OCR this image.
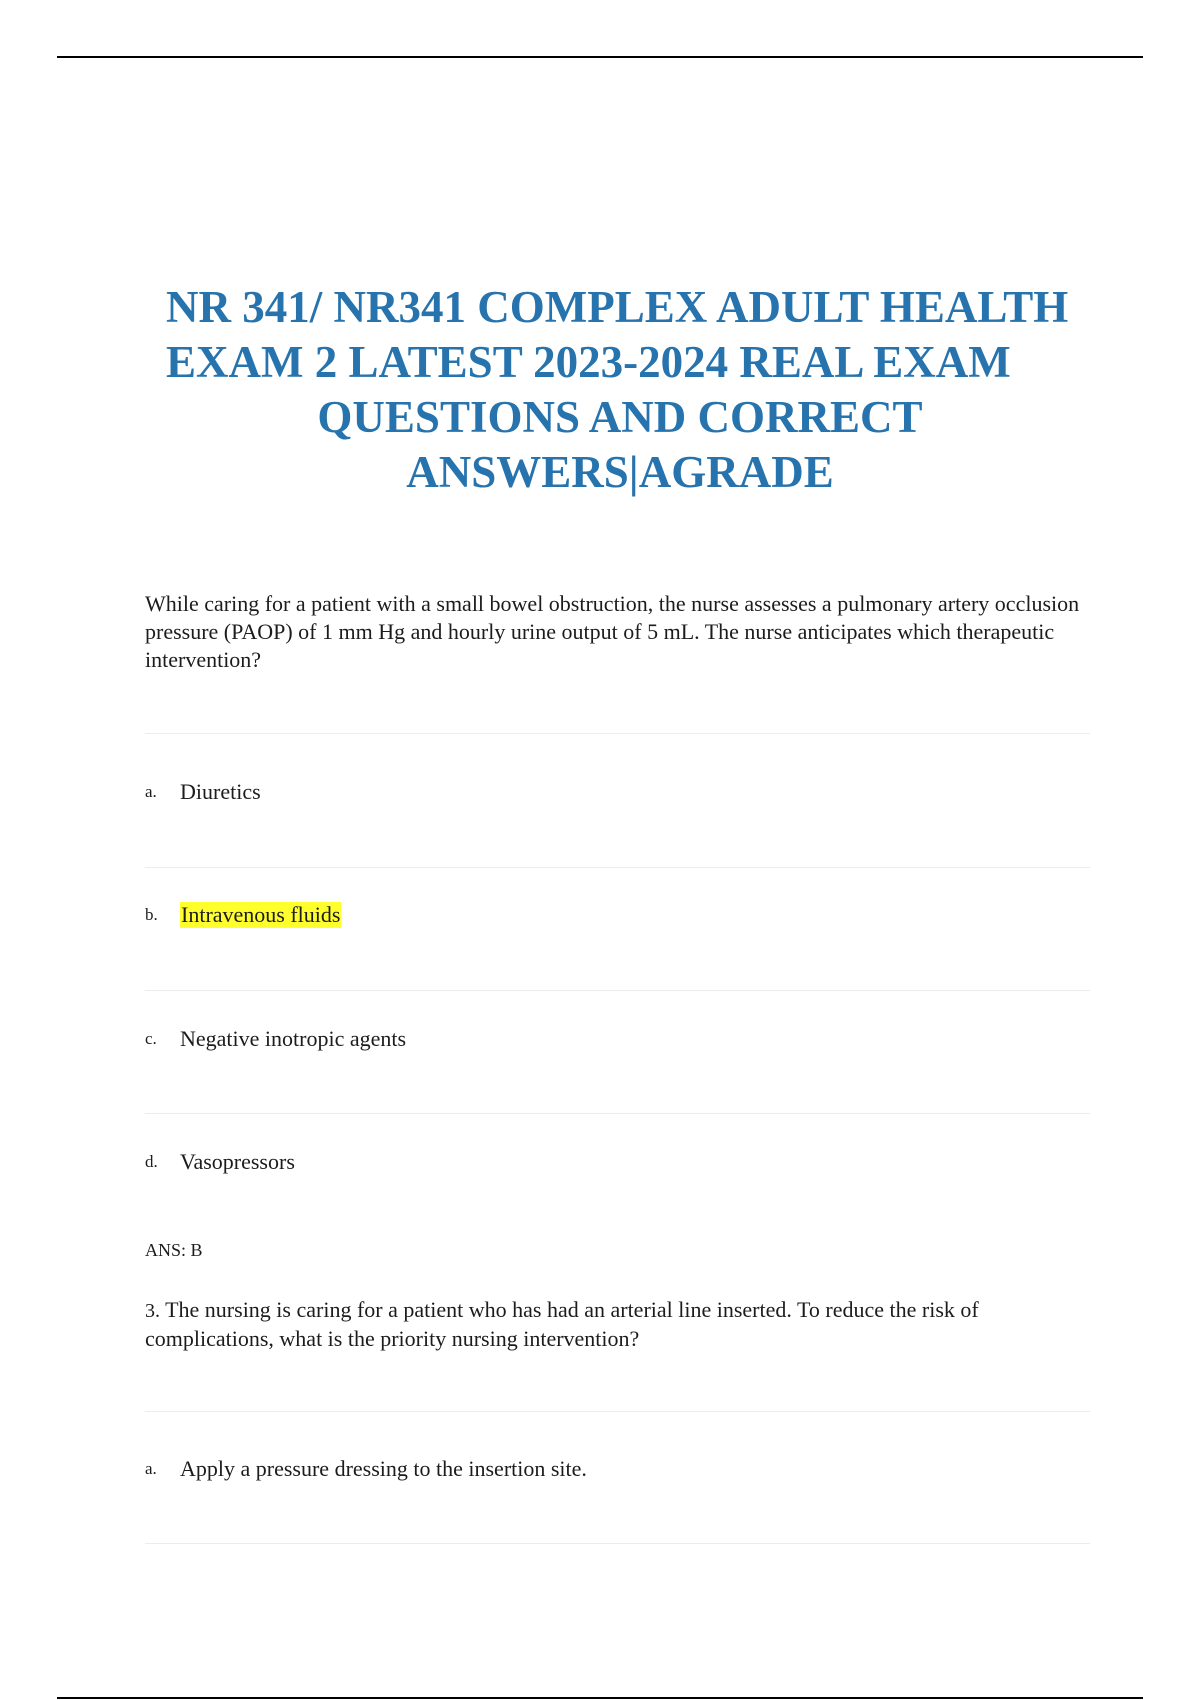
NR 341/ NR341 COMPLEX ADULT HEALTH
EXAM 2 LATEST 2023-2024 REAL EXAM
QUESTIONS AND CORRECT
ANSWERS|AGRADE
While caring for a patient with a small bowel obstruction, the nurse assesses a pulmonary artery occlusion pressure (PAOP) of 1 mm Hg and hourly urine output of 5 mL. The nurse anticipates which therapeutic intervention?
a.	Diuretics
b.	Intravenous fluids
c.	Negative inotropic agents
d.	Vasopressors
ANS: B
3. The nursing is caring for a patient who has had an arterial line inserted. To reduce the risk of complications, what is the priority nursing intervention?
a.	Apply a pressure dressing to the insertion site.
